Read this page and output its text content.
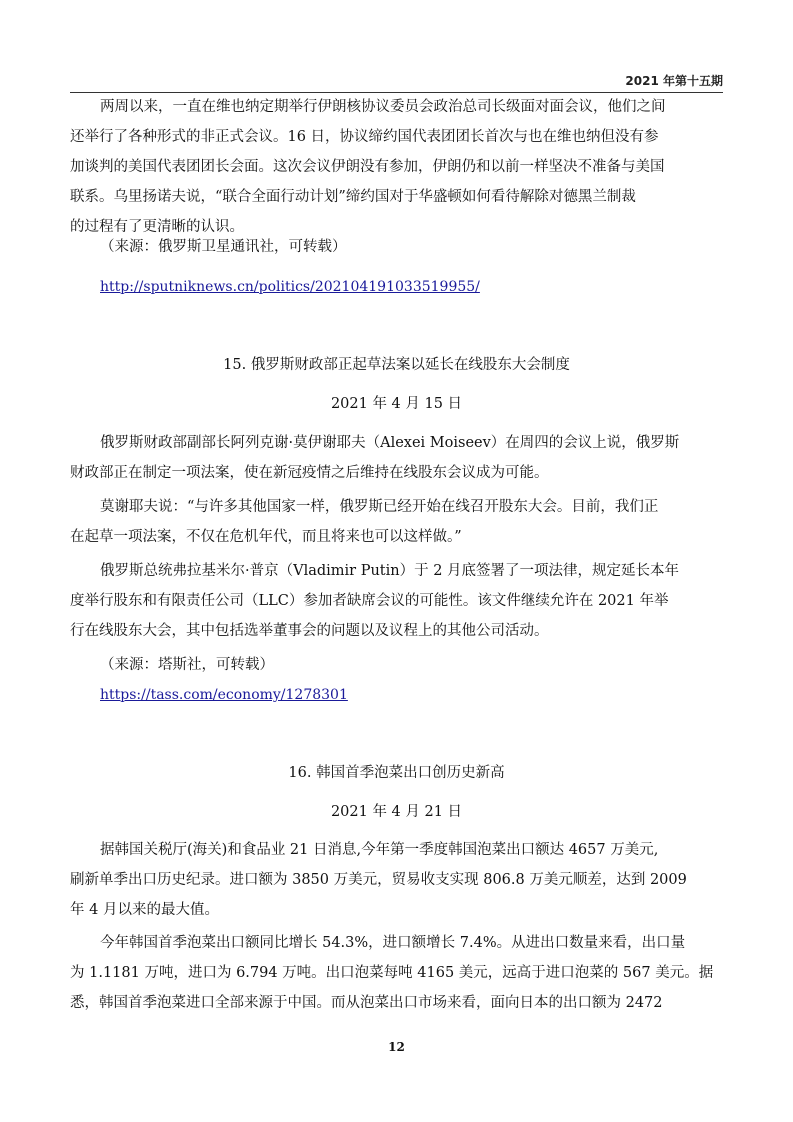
2021 年第十五期
两周以来，一直在维也纳定期举行伊朗核协议委员会政治总司长级面对面会议，他们之间
还举行了各种形式的非正式会议。16 日，协议缔约国代表团团长首次与也在维也纳但没有参
加谈判的美国代表团团长会面。这次会议伊朗没有参加，伊朗仍和以前一样坚决不准备与美国
联系。乌里扬诺夫说，“联合全面行动计划”缔约国对于华盛顿如何看待解除对德黑兰制裁
的过程有了更清晰的认识。
（来源：俄罗斯卫星通讯社，可转载）
http://sputniknews.cn/politics/202104191033519955/
15. 俄罗斯财政部正起草法案以延长在线股东大会制度
2021 年 4 月 15 日
俄罗斯财政部副部长阿列克谢·莫伊谢耶夫（Alexei Moiseev）在周四的会议上说，俄罗斯
财政部正在制定一项法案，使在新冠疫情之后维持在线股东会议成为可能。
莫谢耶夫说：“与许多其他国家一样，俄罗斯已经开始在线召开股东大会。目前，我们正
在起草一项法案，不仅在危机年代，而且将来也可以这样做。”
俄罗斯总统弗拉基米尔·普京（Vladimir Putin）于 2 月底签署了一项法律，规定延长本年
度举行股东和有限责任公司（LLC）参加者缺席会议的可能性。该文件继续允许在 2021 年举
行在线股东大会，其中包括选举董事会的问题以及议程上的其他公司活动。
（来源：塔斯社，可转载）
https://tass.com/economy/1278301
16. 韩国首季泡菜出口创历史新高
2021 年 4 月 21 日
据韩国关税厅(海关)和食品业 21 日消息,今年第一季度韩国泡菜出口额达 4657 万美元,
刷新单季出口历史纪录。进口额为 3850 万美元，贸易收支实现 806.8 万美元顺差，达到 2009
年 4 月以来的最大值。
今年韩国首季泡菜出口额同比增长 54.3%，进口额增长 7.4%。从进出口数量来看，出口量
为 1.1181 万吨，进口为 6.794 万吨。出口泡菜每吨 4165 美元，远高于进口泡菜的 567 美元。据
悉，韩国首季泡菜进口全部来源于中国。而从泡菜出口市场来看，面向日本的出口额为 2472
12
